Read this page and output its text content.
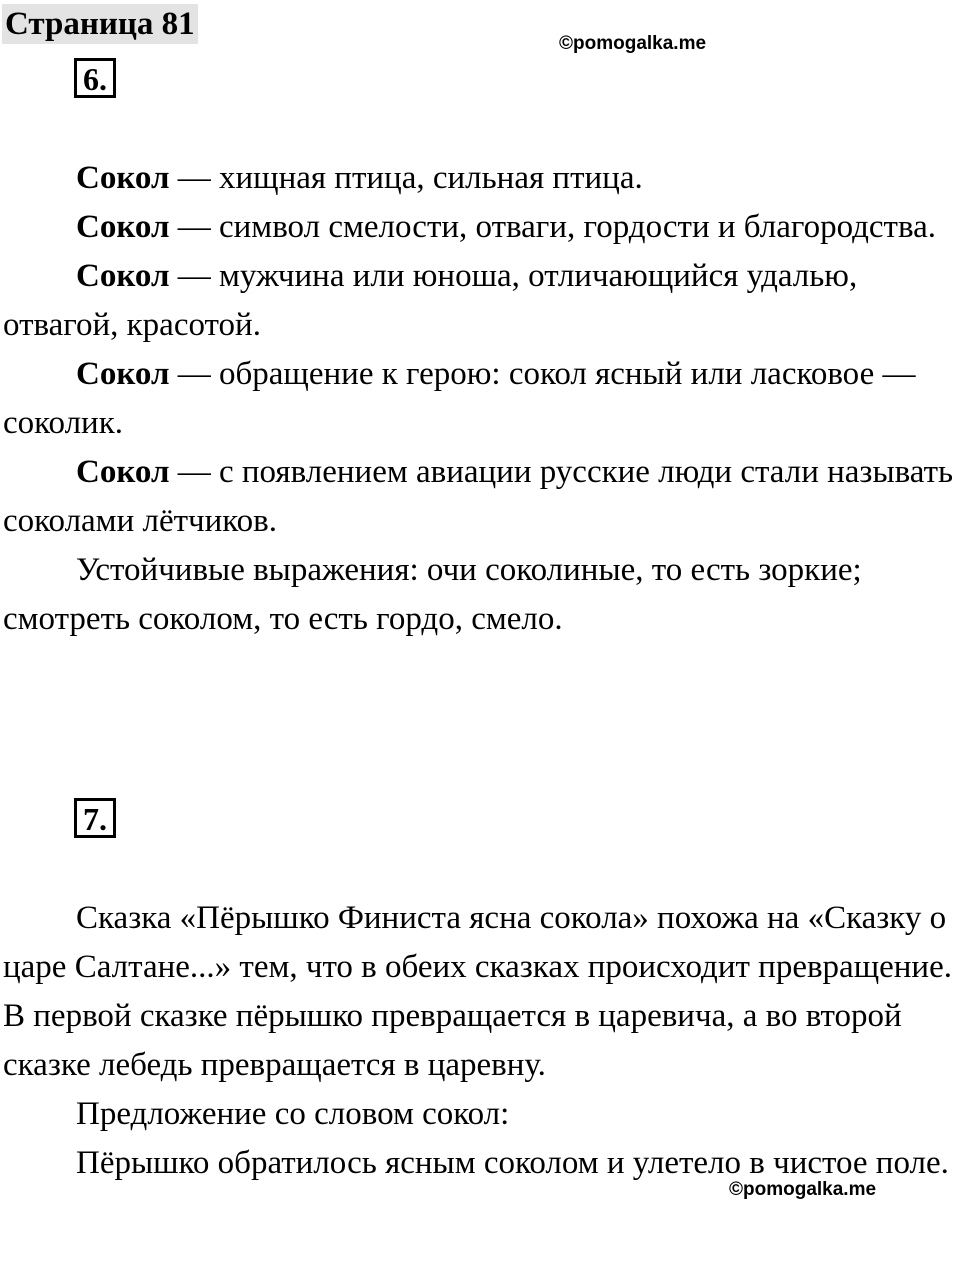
Страница 81
©pomogalka.me
6.

Сокол — хищная птица, сильная птица.

Сокол — символ смелости, отваги, гордости и благородства.

Сокол — мужчина или юноша, отличающийся удалью, отвагой, красотой.

Сокол — обращение к герою: сокол ясный или ласковое — соколик.

Сокол — с появлением авиации русские люди стали называть соколами лётчиков.

Устойчивые выражения: очи соколиные, то есть зоркие; смотреть соколом, то есть гордо, смело.

7.

Сказка «Пёрышко Финиста ясна сокола» похожа на «Сказку о царе Салтане...» тем, что в обеих сказках происходит превращение. В первой сказке пёрышко превращается в царевича, а во второй сказке лебедь превращается в царевну.

Предложение со словом сокол:

Пёрышко обратилось ясным соколом и улетело в чистое поле.

©pomogalka.me
